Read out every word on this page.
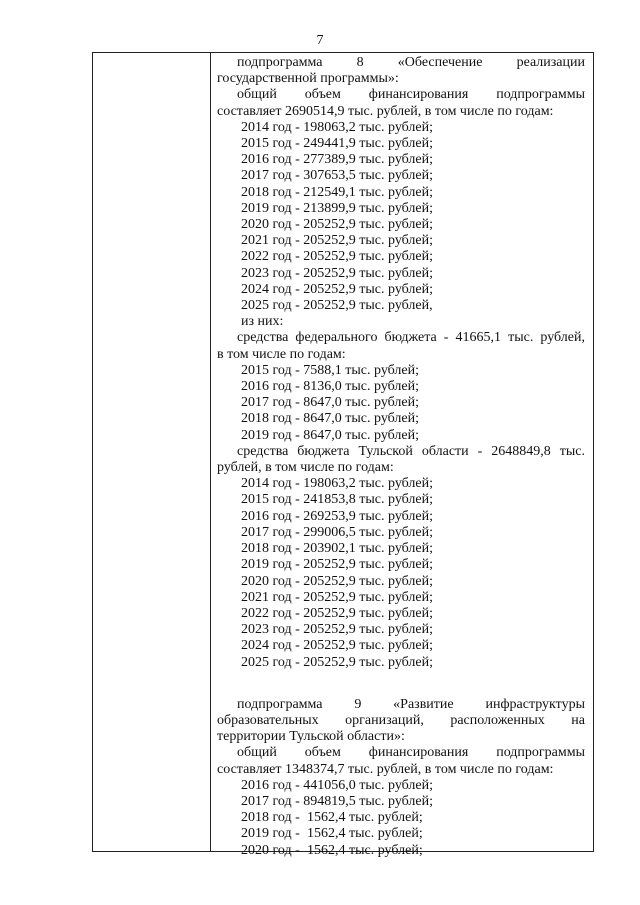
7
подпрограмма 8 «Обеспечение реализации
государственной программы»:
общий объем финансирования подпрограммы
составляет 2690514,9 тыс. рублей, в том числе по годам:
2014 год - 198063,2 тыс. рублей;
2015 год - 249441,9 тыс. рублей;
2016 год - 277389,9 тыс. рублей;
2017 год - 307653,5 тыс. рублей;
2018 год - 212549,1 тыс. рублей;
2019 год - 213899,9 тыс. рублей;
2020 год - 205252,9 тыс. рублей;
2021 год - 205252,9 тыс. рублей;
2022 год - 205252,9 тыс. рублей;
2023 год - 205252,9 тыс. рублей;
2024 год - 205252,9 тыс. рублей;
2025 год - 205252,9 тыс. рублей,
из них:
средства федерального бюджета - 41665,1 тыс. рублей,
в том числе по годам:
2015 год - 7588,1 тыс. рублей;
2016 год - 8136,0 тыс. рублей;
2017 год - 8647,0 тыс. рублей;
2018 год - 8647,0 тыс. рублей;
2019 год - 8647,0 тыс. рублей;
средства бюджета Тульской области - 2648849,8 тыс.
рублей, в том числе по годам:
2014 год - 198063,2 тыс. рублей;
2015 год - 241853,8 тыс. рублей;
2016 год - 269253,9 тыс. рублей;
2017 год - 299006,5 тыс. рублей;
2018 год - 203902,1 тыс. рублей;
2019 год - 205252,9 тыс. рублей;
2020 год - 205252,9 тыс. рублей;
2021 год - 205252,9 тыс. рублей;
2022 год - 205252,9 тыс. рублей;
2023 год - 205252,9 тыс. рублей;
2024 год - 205252,9 тыс. рублей;
2025 год - 205252,9 тыс. рублей;
подпрограмма 9 «Развитие инфраструктуры
образовательных организаций, расположенных на
территории Тульской области»:
общий объем финансирования подпрограммы
составляет 1348374,7 тыс. рублей, в том числе по годам:
2016 год - 441056,0 тыс. рублей;
2017 год - 894819,5 тыс. рублей;
2018 год - 1562,4 тыс. рублей;
2019 год - 1562,4 тыс. рублей;
2020 год - 1562,4 тыс. рублей;
